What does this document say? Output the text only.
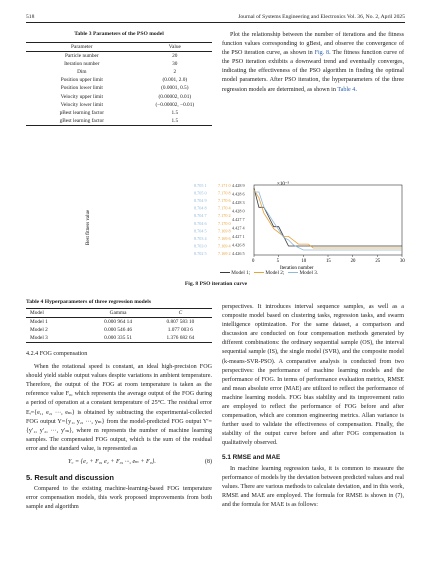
518	Journal of Systems Engineering and Electronics Vol. 36, No. 2, April 2025
Table 3 Parameters of the PSO model
Parameter	Value
Particle number	20
Iteration number	30
Dim	2
Position upper limit	(0.001, 2.0)
Position lower limit	(0.0001, 0.5)
Velocity upper limit	(0.00002, 0.01)
Velocity lower limit	(−0.00002, −0.01)
pBest learning factor	1.5
gBest learning factor	1.5

Plot the relationship between the number of iterations and the fitness function values corresponding to gBest, and observe the convergence of the PSO iteration curve, as shown in Fig. 8. The fitness function curve of the PSO iteration exhibits a downward trend and eventually converges, indicating the effectiveness of the PSO algorithm in finding the optimal model parameters. After PSO iteration, the hyperparameters of the three regression models are determined, as shown in Table 4.

Best fitness value
×10⁻⁵
Iteration number
8.705 1
8.705 0
8.704 9
8.704 8
8.704 7
8.704 6
8.704 5
8.703 4
8.703 0
8.702 5
7.171 0
7.170 8
7.170 6
7.170 4
7.170 2
7.170 0
7.169 8
7.169 6
7.169 4
7.169 2
4.428 9
4.428 6
4.428 3
4.428 0
4.427 7
4.427 4
4.427 1
4.426 8
4.426 5
0	5	10	15	20	25	30
Model 1;	Model 2;	Model 3.
Fig. 8 PSO iteration curve
Table 4 Hyperparameters of three regression models
Model	Gamma	C
Model 1	0.000 964 14	0.807 583 10
Model 2	0.000 546 46	1.077 003 6
Model 3	0.000 335 51	1.376 682 64

4.2.4 FOG compensation

When the rotational speed is constant, an ideal high-precision FOG should yield stable output values despite variations in ambient temperature. Therefore, the output of the FOG at room temperature is taken as the reference value F₀, which represents the average output of the FOG during a period of operation at a constant temperature of 25°C. The residual error Eᵢ={e₁, e₂, ···, eₘ} is obtained by subtracting the experimental-collected FOG output Y={y₁, y₂, ···, yₘ} from the model-predicted FOG output Y′={y′₁, y′₂, ···, y′ₘ}, where m represents the number of machine learning samples. The compensated FOG output, which is the sum of the residual error and the standard value, is represented as

Y꜀ = {e₁ + F₀, e₂ + F₀, ···, eₘ + F₀}.	(8)

5. Result and discussion

Compared to the existing machine-learning-based FOG temperature error compensation models, this work proposed improvements from both sample and algorithm

perspectives. It introduces interval sequence samples, as well as a composite model based on clustering tasks, regression tasks, and swarm intelligence optimization. For the same dataset, a comparison and discussion are conducted on four compensation methods generated by different combinations: the ordinary sequential sample (OS), the interval sequential sample (IS), the single model (SVR), and the composite model (k-means-SVR-PSO). A comparative analysis is conducted from two perspectives: the performance of machine learning models and the performance of FOG. In terms of performance evaluation metrics, RMSE and mean absolute error (MAE) are utilized to reflect the performance of machine learning models. FOG bias stability and its improvement ratio are employed to reflect the performance of FOG before and after compensation, which are common engineering metrics. Allan variance is further used to validate the effectiveness of compensation. Finally, the stability of the output curve before and after FOG compensation is qualitatively observed.

5.1 RMSE and MAE

In machine learning regression tasks, it is common to measure the performance of models by the deviation between predicted values and real values. There are various methods to calculate deviation, and in this work, RMSE and MAE are employed. The formula for RMSE is shown in (7), and the formula for MAE is as follows:
